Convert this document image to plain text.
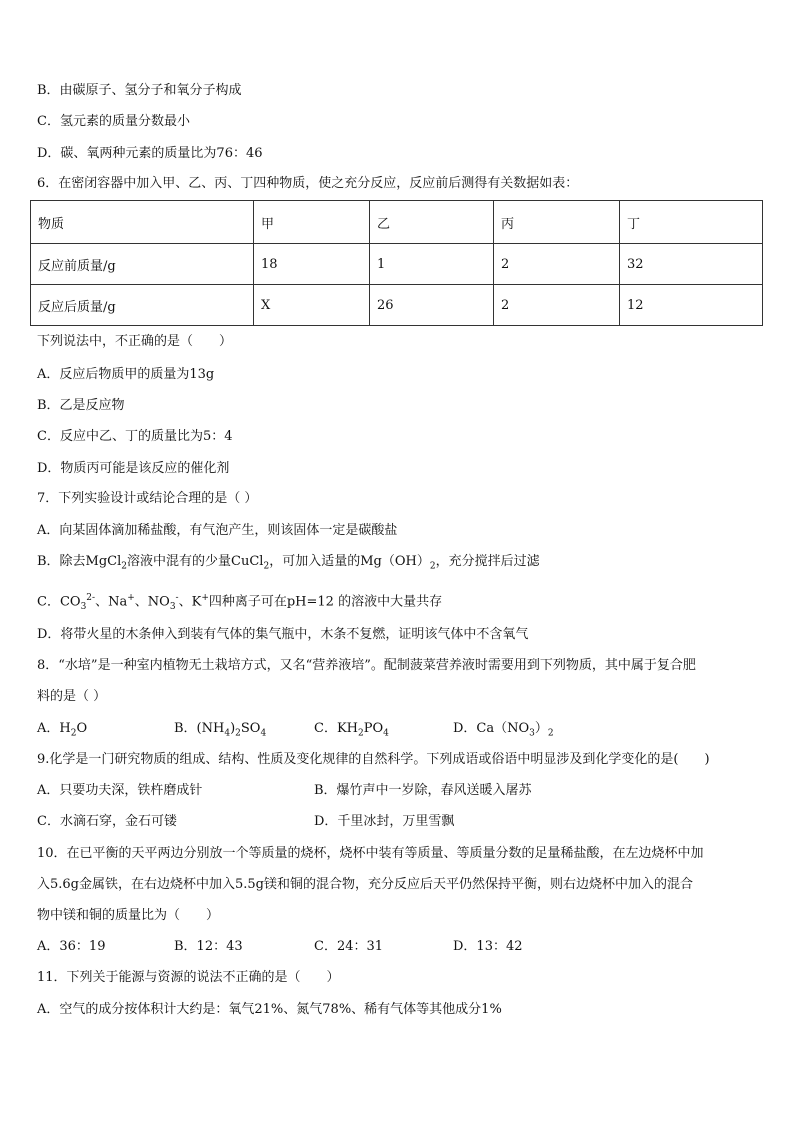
B．由碳原子、氢分子和氧分子构成
C．氢元素的质量分数最小
D．碳、氧两种元素的质量比为76：46
6．在密闭容器中加入甲、乙、丙、丁四种物质，使之充分反应，反应前后测得有关数据如表：
物质	甲	乙	丙	丁
反应前质量/g	18	1	2	32
反应后质量/g	X	26	2	12
下列说法中，不正确的是（　　）
A．反应后物质甲的质量为13g
B．乙是反应物
C．反应中乙、丁的质量比为5：4
D．物质丙可能是该反应的催化剂
7．下列实验设计或结论合理的是（ ）
A．向某固体滴加稀盐酸，有气泡产生，则该固体一定是碳酸盐
B．除去MgCl$_2$溶液中混有的少量CuCl$_2$，可加入适量的$Mg(OH)_2$，充分搅拌后过滤
C．$CO_3^{2-}$、Na+、$NO_3^-$、K+四种离子可在pH=12 的溶液中大量共存
D．将带火星的木条伸入到装有气体的集气瓶中，木条不复燃，证明该气体中不含氧气
8．“水培”是一种室内植物无土栽培方式，又名“营养液培”。配制菠菜营养液时需要用到下列物质，其中属于复合肥
料的是（ ）
A．$H_2O$	B．$(NH_4)_2SO_4$	C．$KH_2PO_4$	D．$Ca(NO_3)_2$
9.化学是一门研究物质的组成、结构、性质及变化规律的自然科学。下列成语或俗语中明显涉及到化学变化的是(　　)
A．只要功夫深，铁杵磨成针	B．爆竹声中一岁除，春风送暖入屠苏
C．水滴石穿，金石可镂	D．千里冰封，万里雪飘
10．在已平衡的天平两边分别放一个等质量的烧杯，烧杯中装有等质量、等质量分数的足量稀盐酸，在左边烧杯中加
入5.6g金属铁，在右边烧杯中加入5.5g镁和铜的混合物，充分反应后天平仍然保持平衡，则右边烧杯中加入的混合
物中镁和铜的质量比为（　　）
A．36：19	B．12：43	C．24：31	D．13：42
11．下列关于能源与资源的说法不正确的是（　　）
A．空气的成分按体积计大约是：氧气21%、氮气78%、稀有气体等其他成分1%
